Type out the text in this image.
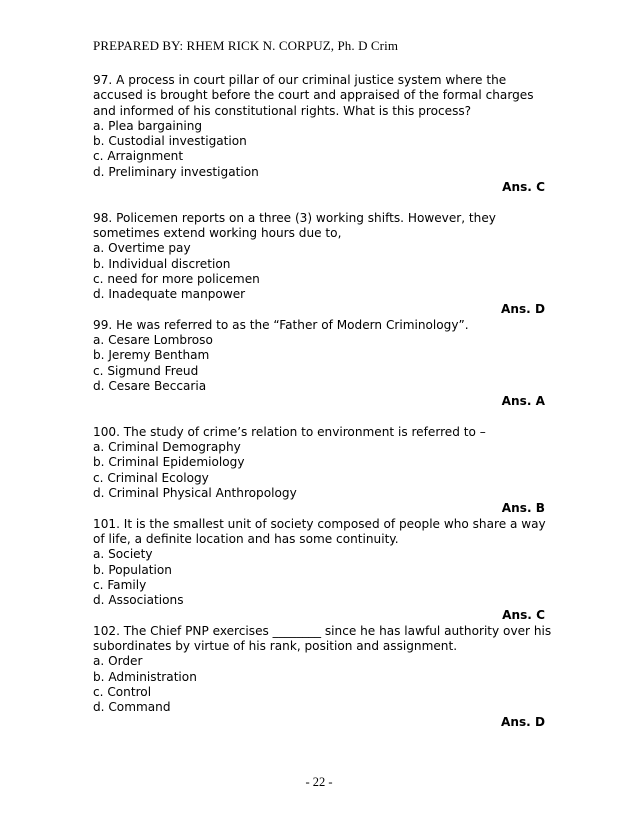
PREPARED BY: RHEM RICK N. CORPUZ, Ph. D Crim
97. A process in court pillar of our criminal justice system where the
accused is brought before the court and appraised of the formal charges
and informed of his constitutional rights. What is this process?
a. Plea bargaining
b. Custodial investigation
c. Arraignment
d. Preliminary investigation
Ans. C
98. Policemen reports on a three (3) working shifts. However, they
sometimes extend working hours due to,
a. Overtime pay
b. Individual discretion
c. need for more policemen
d. Inadequate manpower
Ans. D
99. He was referred to as the “Father of Modern Criminology”.
a. Cesare Lombroso
b. Jeremy Bentham
c. Sigmund Freud
d. Cesare Beccaria
Ans. A
100. The study of crime’s relation to environment is referred to –
a. Criminal Demography
b. Criminal Epidemiology
c. Criminal Ecology
d. Criminal Physical Anthropology
Ans. B
101. It is the smallest unit of society composed of people who share a way
of life, a definite location and has some continuity.
a. Society
b. Population
c. Family
d. Associations
Ans. C
102. The Chief PNP exercises ________ since he has lawful authority over his
subordinates by virtue of his rank, position and assignment.
a. Order
b. Administration
c. Control
d. Command
Ans. D
- 22 -
